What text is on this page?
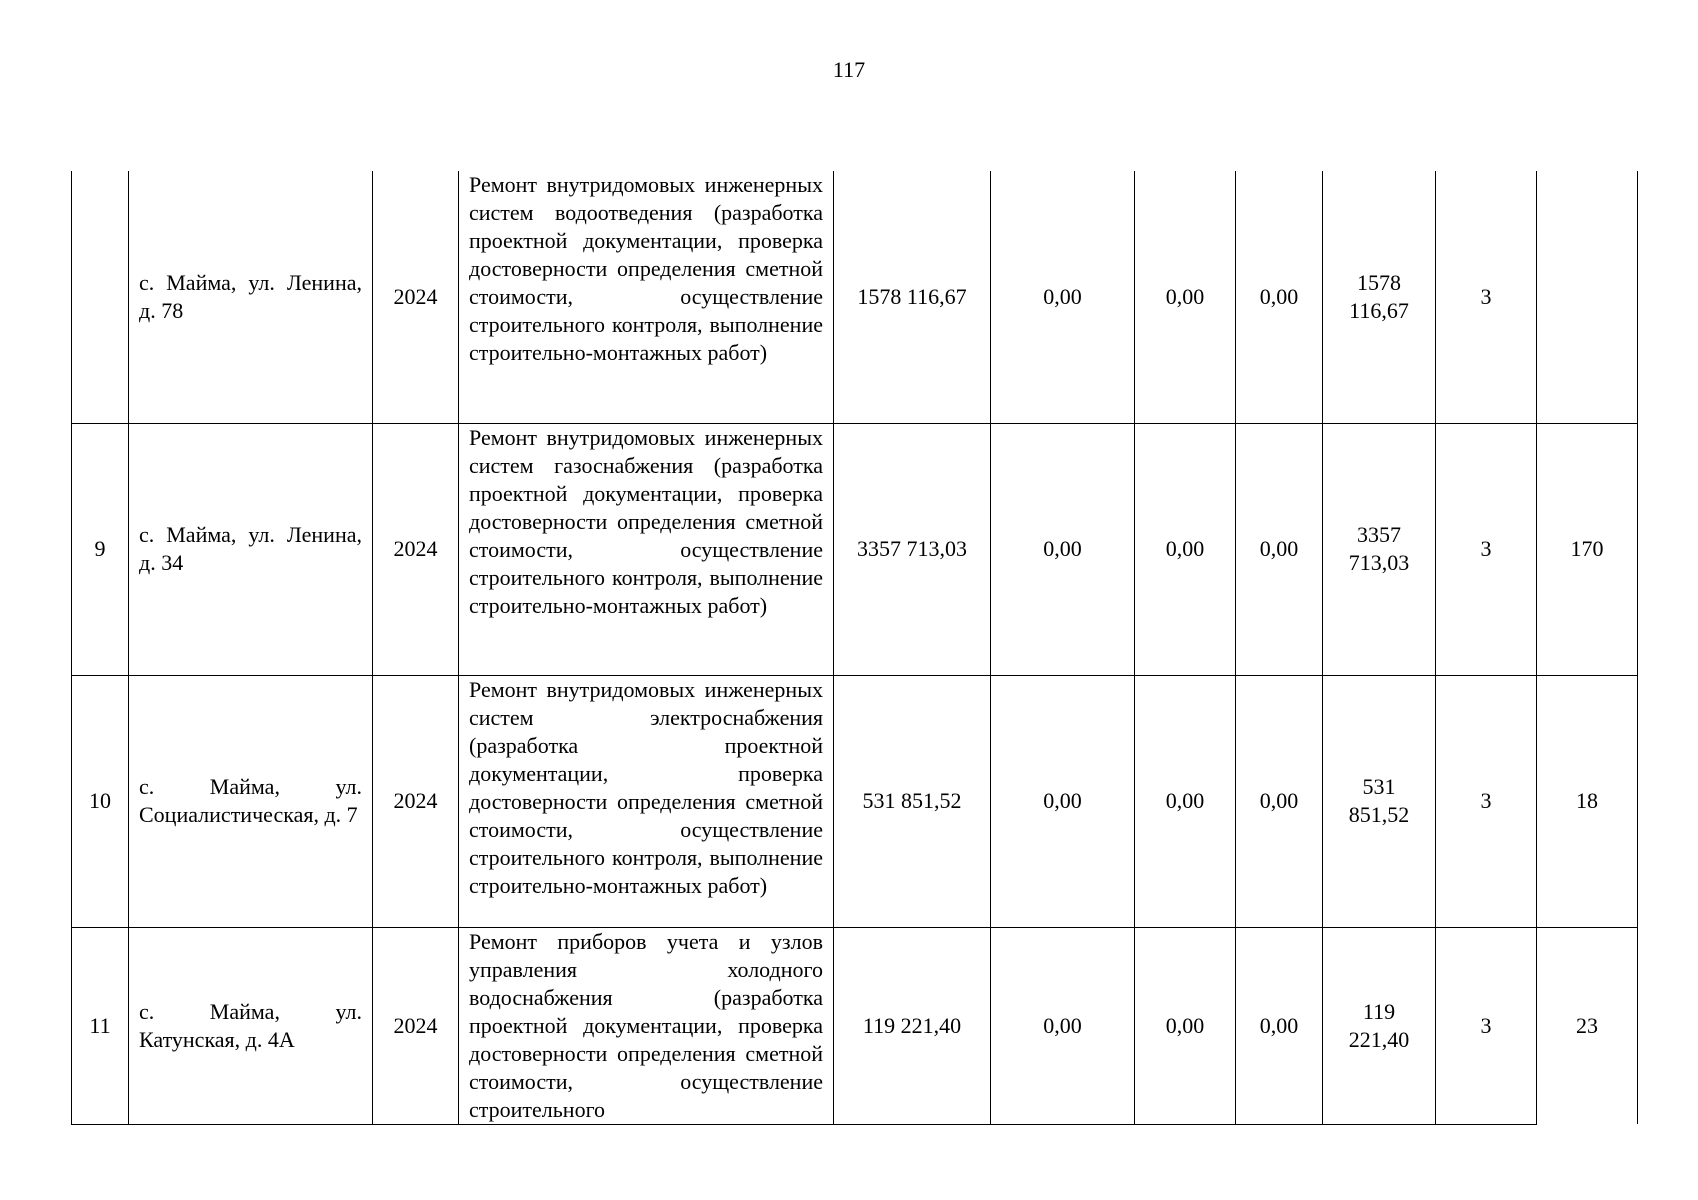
117
	с. Майма, ул. Ленина, д. 78	2024	Ремонт внутридомовых инженерных систем водоотведения (разработка проектной документации, проверка достоверности определения сметной стоимости, осуществление строительного контроля, выполнение строительно-монтажных работ)	1578 116,67	0,00	0,00	0,00	1578 116,67	3	
9	с. Майма, ул. Ленина, д. 34	2024	Ремонт внутридомовых инженерных систем газоснабжения (разработка проектной документации, проверка достоверности определения сметной стоимости, осуществление строительного контроля, выполнение строительно-монтажных работ)	3357 713,03	0,00	0,00	0,00	3357 713,03	3	170
10	с. Майма, ул. Социалистическая, д. 7	2024	Ремонт внутридомовых инженерных систем электроснабжения (разработка проектной документации, проверка достоверности определения сметной стоимости, осуществление строительного контроля, выполнение строительно-монтажных работ)	531 851,52	0,00	0,00	0,00	531 851,52	3	18
11	с. Майма, ул. Катунская, д. 4А	2024	Ремонт приборов учета и узлов управления холодного водоснабжения (разработка проектной документации, проверка достоверности определения сметной стоимости, осуществление строительного	119 221,40	0,00	0,00	0,00	119 221,40	3	23
